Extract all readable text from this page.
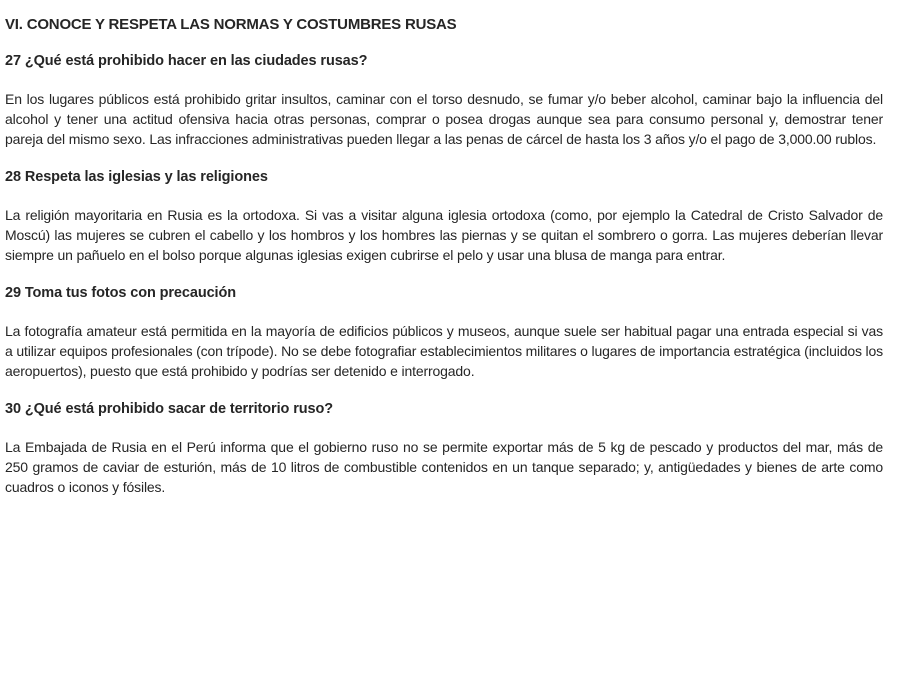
VI. CONOCE Y RESPETA LAS NORMAS Y COSTUMBRES RUSAS
27 ¿Qué está prohibido hacer en las ciudades rusas?

En los lugares públicos está prohibido gritar insultos, caminar con el torso desnudo, se fumar y/o beber alcohol, caminar bajo la influencia del alcohol y tener una actitud ofensiva hacia otras personas, comprar o posea drogas aunque sea para consumo personal y, demostrar tener pareja del mismo sexo. Las infracciones administrativas pueden llegar a las penas de cárcel de hasta los 3 años y/o el pago de 3,000.00 rublos.

28 Respeta las iglesias y las religiones

La religión mayoritaria en Rusia es la ortodoxa. Si vas a visitar alguna iglesia ortodoxa (como, por ejemplo la Catedral de Cristo Salvador de Moscú) las mujeres se cubren el cabello y los hombros y los hombres las piernas y se quitan el sombrero o gorra. Las mujeres deberían llevar siempre un pañuelo en el bolso porque algunas iglesias exigen cubrirse el pelo y usar una blusa de manga para entrar.

29 Toma tus fotos con precaución

La fotografía amateur está permitida en la mayoría de edificios públicos y museos, aunque suele ser habitual pagar una entrada especial si vas a utilizar equipos profesionales (con trípode). No se debe fotografiar establecimientos militares o lugares de importancia estratégica (incluidos los aeropuertos), puesto que está prohibido y podrías ser detenido e interrogado.

30 ¿Qué está prohibido sacar de territorio ruso?

La Embajada de Rusia en el Perú informa que el gobierno ruso no se permite exportar más de 5 kg de pescado y productos del mar, más de 250 gramos de caviar de esturión, más de 10 litros de combustible contenidos en un tanque separado; y, antigüedades y bienes de arte como cuadros o iconos y fósiles.
